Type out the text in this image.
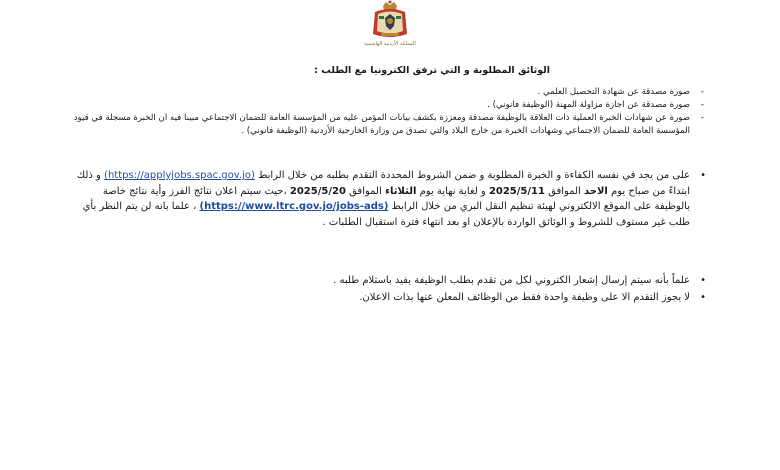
المملكة الأردنية الهاشمية
الوثائق المطلوبة و التي ترفق الكترونيا مع الطلب :
- صورة مصدقة عن شهادة التحصيل العلمي .
- صورة مصدقة عن اجازة مزاولة المهنة (الوظيفة فانوني) .
- صورة عن شهادات الخبرة العملية ذات العلاقة بالوظيفة مصدقة ومعززة بكشف بيانات المؤمن عليه من المؤسسة العامة للضمان الاجتماعي مبينا فيه ان الخبرة مسجلة في قيود المؤسسة العامة للضمان الاجتماعي وشهادات الخبرة من خارج البلاد والتي تصدق من وزارة الخارجية الأردنية (الوظيفة فانوني) .
• على من يجد في نفسه الكفاءة و الخبرة المطلوبة و ضمن الشروط المحددة التقدم بطلبه من خلال الرابط (https://applyjobs.spac.gov.jo) و ذلك ابتداءً من صباح يوم الاحد الموافق 2025/5/11 و لغاية نهاية يوم الثلاثاء الموافق 2025/5/20 ،حيث سيتم اعلان نتائج الفرز وأية نتائج خاصة بالوظيفة على الموقع الالكتروني لهيئة تنظيم النقل البري من خلال الرابط (https://www.ltrc.gov.jo/jobs-ads) ، علما بانه لن يتم النظر بأي طلب غير مستوف للشروط و الوثائق الواردة بالإعلان او بعد انتهاء فترة استقبال الطلبات .
• علماً بأنه سيتم إرسال إشعار الكتروني لكل من تقدم بطلب الوظيفة يفيد باستلام طلبه .
• لا يجوز التقدم الا على وظيفة واحدة فقط من الوظائف المعلن عنها بذات الاعلان.
